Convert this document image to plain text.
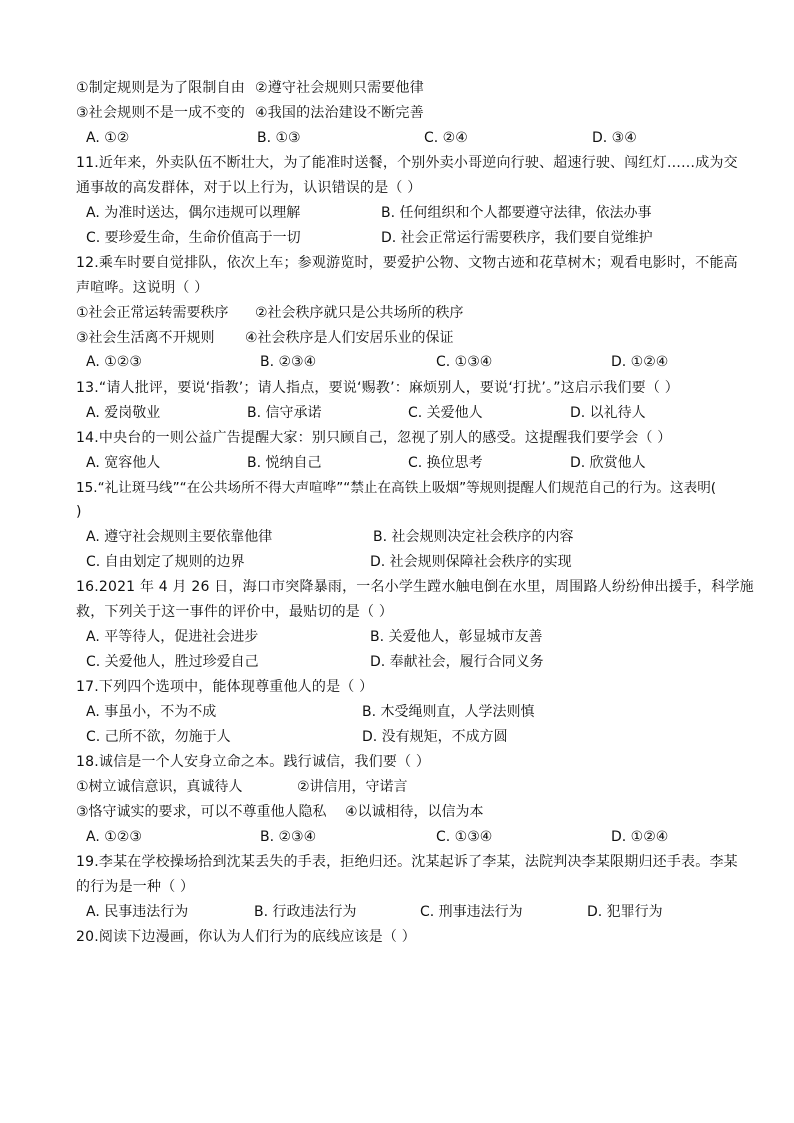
①制定规则是为了限制自由 ②遵守社会规则只需要他律
③社会规则不是一成不变的 ④我国的法治建设不断完善
A. ①②	B. ①③	C. ②④	D. ③④
11.近年来，外卖队伍不断壮大，为了能准时送餐，个别外卖小哥逆向行驶、超速行驶、闯红灯……成为交
通事故的高发群体，对于以上行为，认识错误的是（ ）
A. 为准时送达，偶尔违规可以理解	B. 任何组织和个人都要遵守法律，依法办事
C. 要珍爱生命，生命价值高于一切	D. 社会正常运行需要秩序，我们要自觉维护
12.乘车时要自觉排队，依次上车；参观游览时，要爱护公物、文物古迹和花草树木；观看电影时，不能高
声喧哗。这说明（ ）
①社会正常运转需要秩序 ②社会秩序就只是公共场所的秩序
③社会生活离不开规则 ④社会秩序是人们安居乐业的保证
A. ①②③	B. ②③④	C. ①③④	D. ①②④
13.“请人批评，要说‘指教’；请人指点，要说‘赐教’：麻烦别人，要说‘打扰’。”这启示我们要（ ）
A. 爱岗敬业	B. 信守承诺	C. 关爱他人	D. 以礼待人
14.中央台的一则公益广告提醒大家：别只顾自己，忽视了别人的感受。这提醒我们要学会（ ）
A. 宽容他人	B. 悦纳自己	C. 换位思考	D. 欣赏他人
15.“礼让斑马线”“在公共场所不得大声喧哗”“禁止在高铁上吸烟”等规则提醒人们规范自己的行为。这表明(
)
A. 遵守社会规则主要依靠他律	B. 社会规则决定社会秩序的内容
C. 自由划定了规则的边界	D. 社会规则保障社会秩序的实现
16.2021 年 4 月 26 日，海口市突降暴雨，一名小学生蹚水触电倒在水里，周围路人纷纷伸出援手，科学施
救，下列关于这一事件的评价中，最贴切的是（ ）
A. 平等待人，促进社会进步	B. 关爱他人，彰显城市友善
C. 关爱他人，胜过珍爱自己	D. 奉献社会，履行合同义务
17.下列四个选项中，能体现尊重他人的是（ ）
A. 事虽小，不为不成	B. 木受绳则直，人学法则慎
C. 己所不欲，勿施于人	D. 没有规矩，不成方圆
18.诚信是一个人安身立命之本。践行诚信，我们要（ ）
①树立诚信意识，真诚待人	②讲信用，守诺言
③恪守诚实的要求，可以不尊重他人隐私 ④以诚相待，以信为本
A. ①②③	B. ②③④	C. ①③④	D. ①②④
19.李某在学校操场拾到沈某丢失的手表，拒绝归还。沈某起诉了李某，法院判决李某限期归还手表。李某
的行为是一种（ ）
A. 民事违法行为	B. 行政违法行为	C. 刑事违法行为	D. 犯罪行为
20.阅读下边漫画，你认为人们行为的底线应该是（ ）
